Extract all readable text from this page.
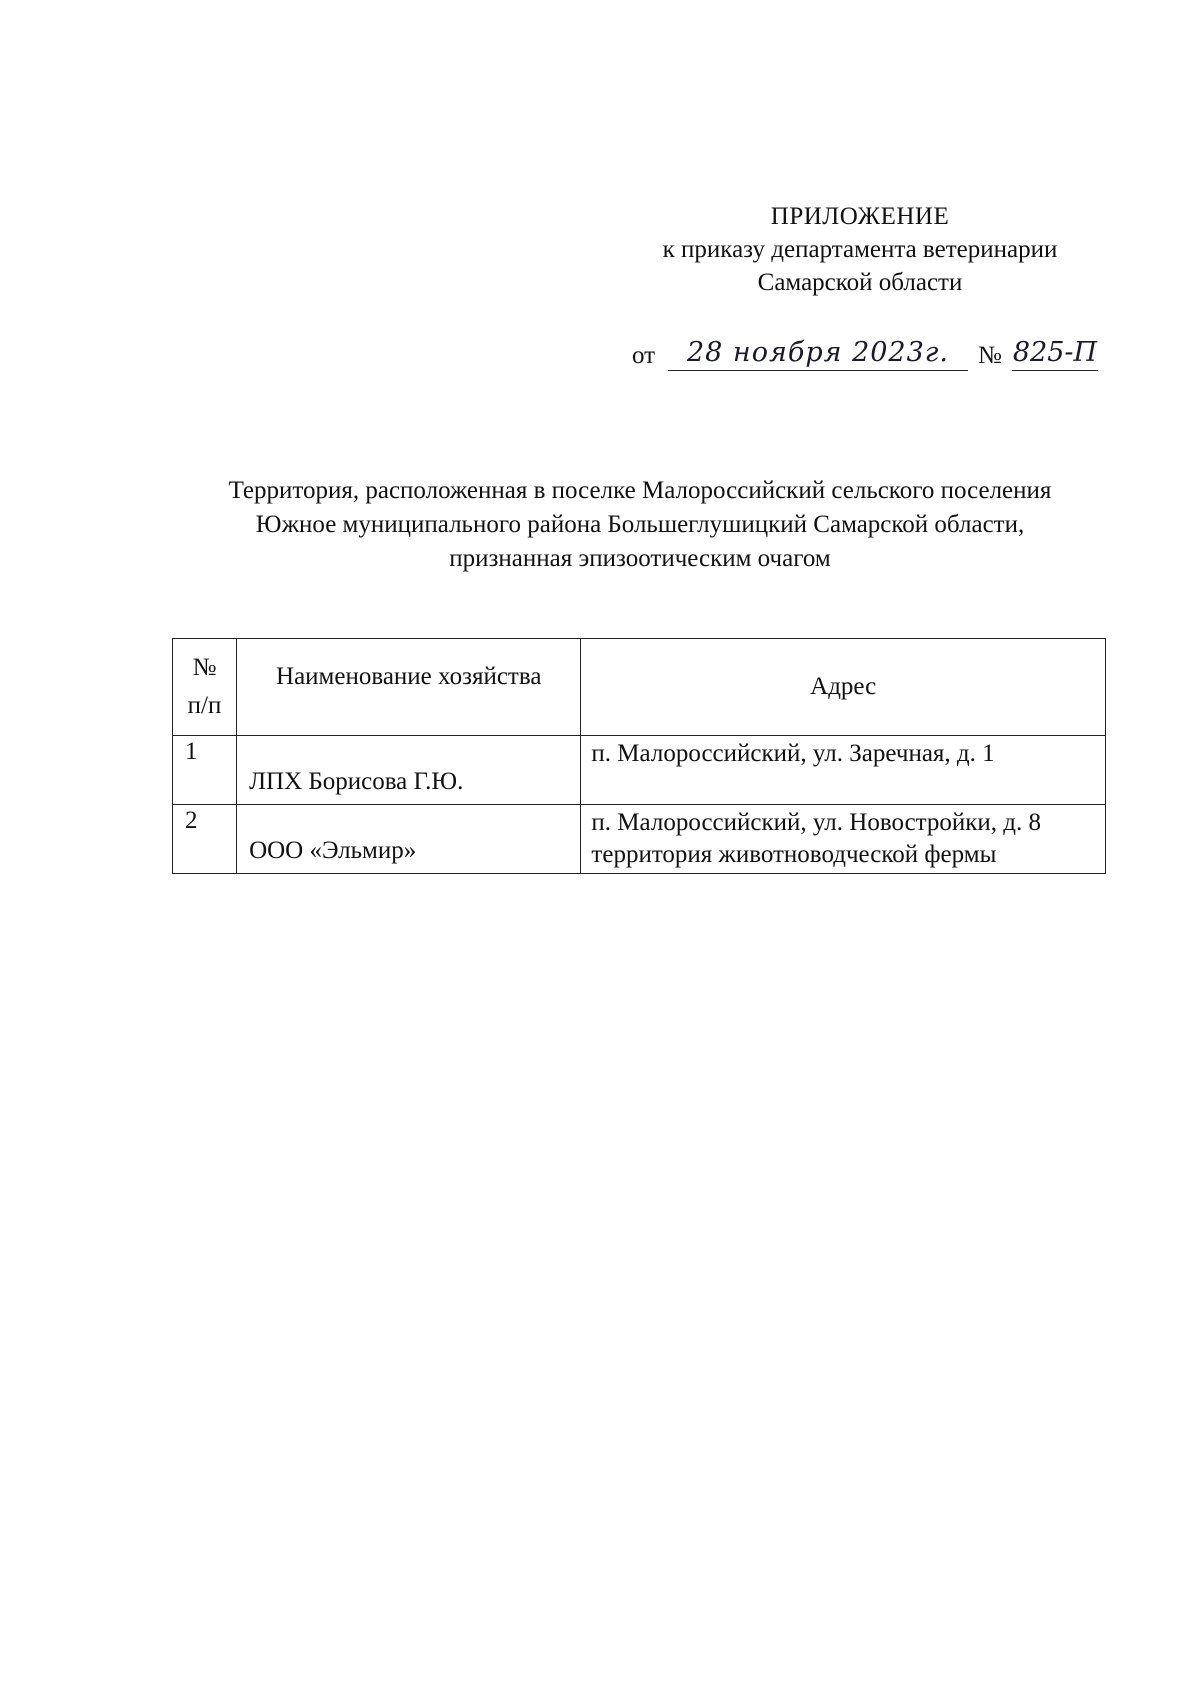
ПРИЛОЖЕНИЕ
к приказу департамента ветеринарии
Самарской области
от	28 ноября 2023г.	№ 825-П
Территория, расположенная в поселке Малороссийский сельского поселения
Южное муниципального района Большеглушицкий Самарской области,
признанная эпизоотическим очагом
№
п/п	Наименование хозяйства	Адрес
1	ЛПХ Борисова Г.Ю.	п. Малороссийский, ул. Заречная, д. 1

2	ООО «Эльмир»	п. Малороссийский, ул. Новостройки, д. 8
территория животноводческой фермы
